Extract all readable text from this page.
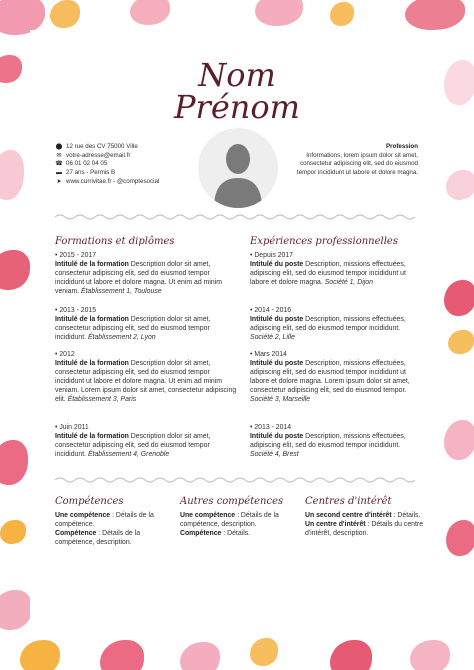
Nom
Prénom
⬤ 12 rue des CV 75000 Ville
✉ votre-adresse@email.fr
☎ 06 01 02 04 05
▬ 27 ans - Permis B
➤ www.currivitae.fr - @comptesocial
Profession
Informations, lorem ipsum dolor sit amet, consectetur adipiscing elit, sed do eiusmod tempor incididunt ut labore et dolore magna.
Formations et diplômes	Expériences professionnelles
• 2015 - 2017
Intitulé de la formation Description dolor sit amet, consectetur adipiscing elit, sed do eiusmod tempor incididunt ut labore et dolore magna. Ut enim ad minim veniam. Établissement 1, Toulouse
• 2013 - 2015
Intitulé de la formation Description dolor sit amet, consectetur adipiscing elit, sed do eiusmod tempor incididunt. Établissement 2, Lyon
• 2012
Intitulé de la formation Description dolor sit amet, consectetur adipiscing elit, sed do eiusmod tempor incididunt ut labore et dolore magna. Ut enim ad minim veniam. Lorem ipsum dolor sit amet, consectetur adipiscing elit. Établissement 3, Paris
• Juin 2011
Intitulé de la formation Description dolor sit amet, consectetur adipiscing elit, sed do eiusmod tempor incididunt. Établissement 4, Grenoble
• Depuis 2017
Intitulé du poste Description, missions effectuées, adipiscing elit, sed do eiusmod tempor incididunt ut labore et dolore magna. Société 1, Dijon
• 2014 - 2016
Intitulé du poste Description, missions effectuées, adipiscing elit, sed do eiusmod tempor incididunt. Société 2, Lille
• Mars 2014
Intitulé du poste Description, missions effectuées, adipiscing elit, sed do eiusmod tempor incididunt ut labore et dolore magna. Lorem ipsum dolor sit amet, consectetur adipiscing elit, sed do eiusmod tempor. Société 3, Marseille
• 2013 - 2014
Intitulé du poste Description, missions effectuées, adipiscing elit, sed do eiusmod tempor incididunt. Société 4, Brest
Compétences	Autres compétences Centres d'intérêt
Une compétence : Détails de la compétence.
Compétence : Détails de la compétence, description.
Une compétence : Détails de la compétence, description.
Compétence : Détails.
Un second centre d'intérêt : Détails.
Un centre d'intérêt : Détails du centre d'intérêt, description.
